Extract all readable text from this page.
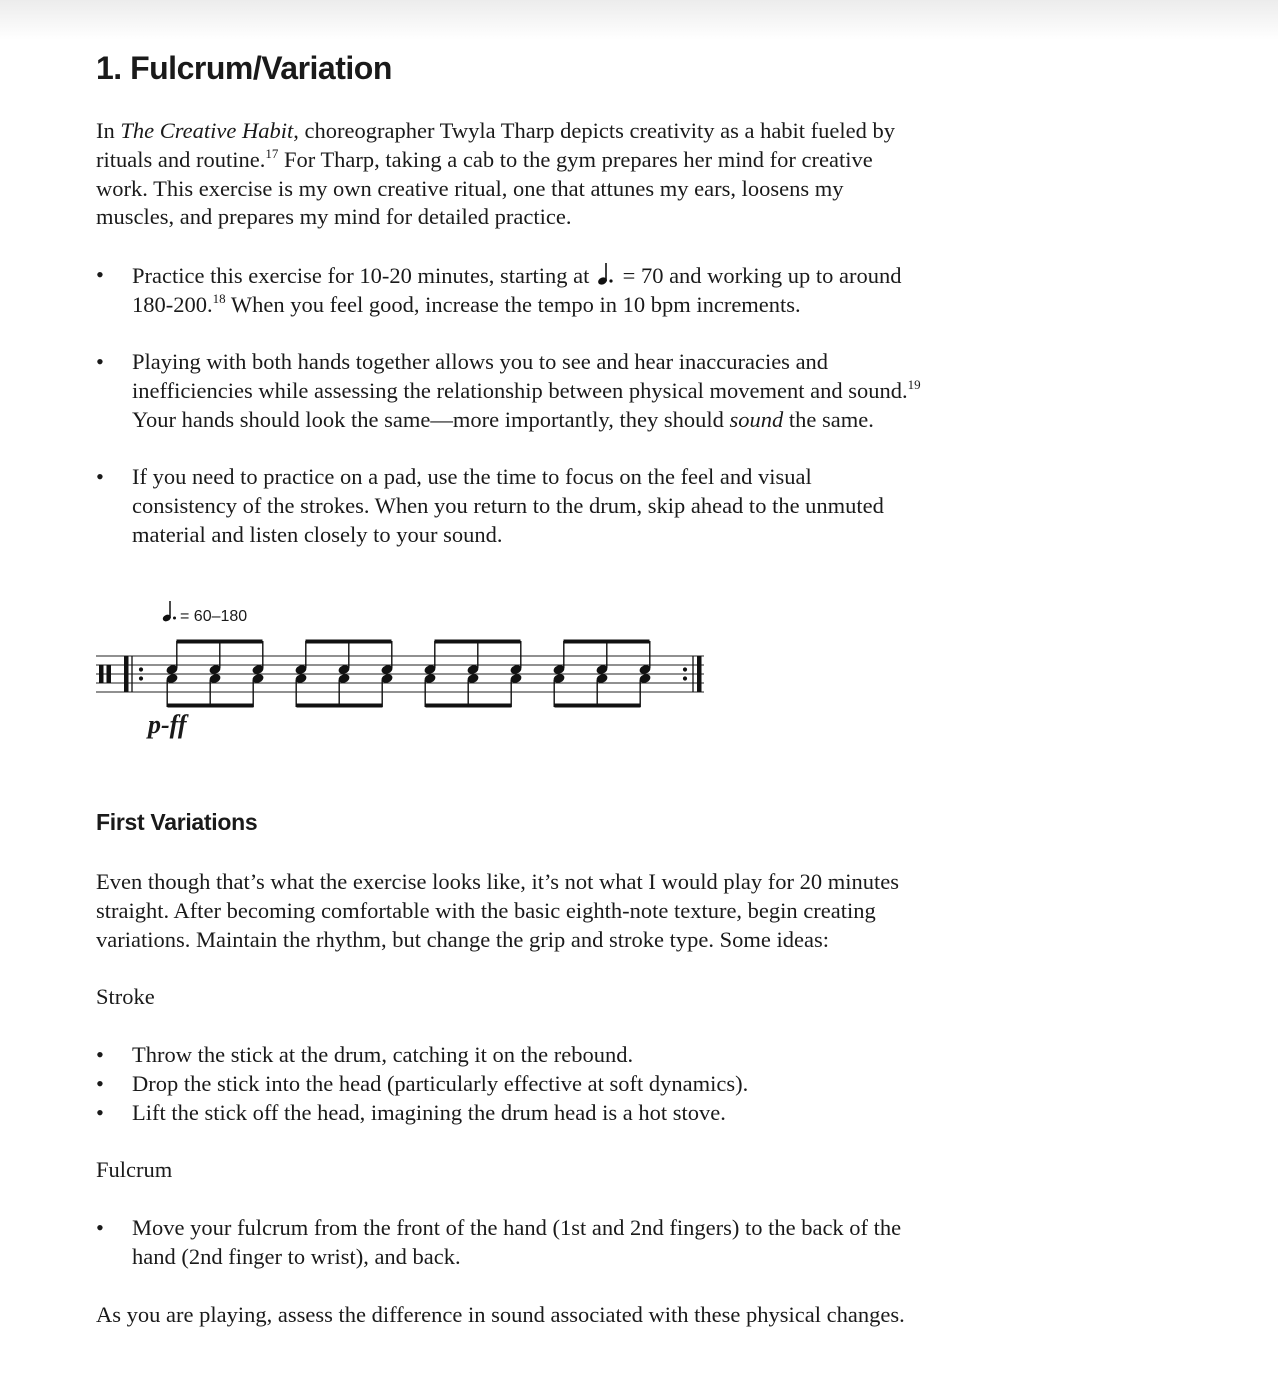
1. Fulcrum/Variation
In The Creative Habit, choreographer Twyla Tharp depicts creativity as a habit fueled by
rituals and routine.$^{17}$ For Tharp, taking a cab to the gym prepares her mind for creative
work. This exercise is my own creative ritual, one that attunes my ears, loosens my
muscles, and prepares my mind for detailed practice.
• Practice this exercise for 10-20 minutes, starting at  = 70 and working up to around
180-200.18 When you feel good, increase the tempo in 10 bpm increments.
• Playing with both hands together allows you to see and hear inaccuracies and
inefficiencies while assessing the relationship between physical movement and sound.$^{19}$
Your hands should look the same—more importantly, they should sound the same.
• If you need to practice on a pad, use the time to focus on the feel and visual
consistency of the strokes. When you return to the drum, skip ahead to the unmuted
material and listen closely to your sound.
= 60–180
p-ff
First Variations
Even though that’s what the exercise looks like, it’s not what I would play for 20 minutes
straight. After becoming comfortable with the basic eighth-note texture, begin creating
variations. Maintain the rhythm, but change the grip and stroke type. Some ideas:
Stroke
• Throw the stick at the drum, catching it on the rebound.
• Drop the stick into the head (particularly effective at soft dynamics).
• Lift the stick off the head, imagining the drum head is a hot stove.
Fulcrum
• Move your fulcrum from the front of the hand (1st and 2nd fingers) to the back of the
hand (2nd finger to wrist), and back.
As you are playing, assess the difference in sound associated with these physical changes.
